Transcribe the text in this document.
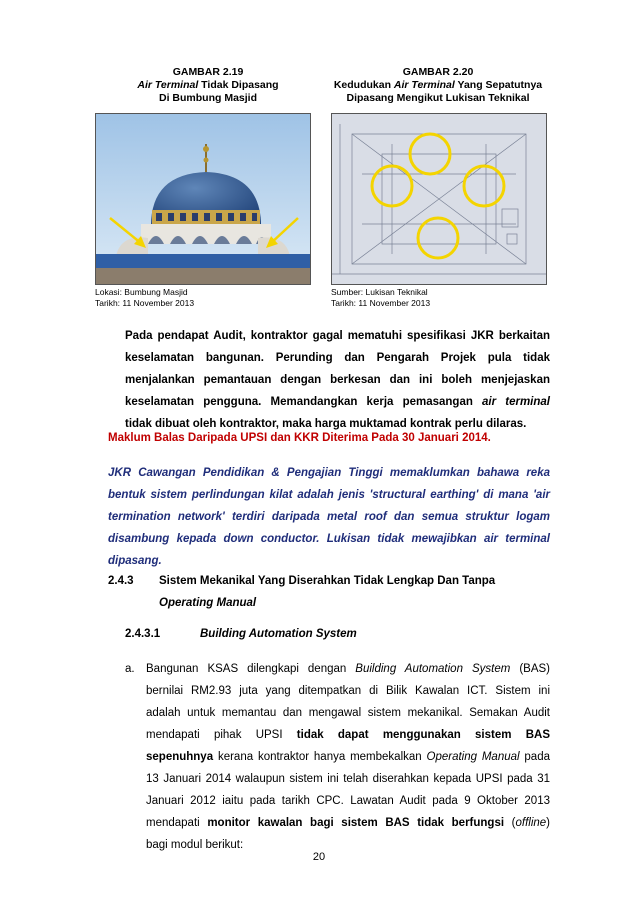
GAMBAR 2.19
Air Terminal Tidak Dipasang
Di Bumbung Masjid
GAMBAR 2.20
Kedudukan Air Terminal Yang Sepatutnya
Dipasang Mengikut Lukisan Teknikal
Lokasi: Bumbung Masjid
Tarikh: 11 November 2013
Sumber: Lukisan Teknikal
Tarikh: 11 November 2013
Pada pendapat Audit, kontraktor gagal mematuhi spesifikasi JKR berkaitan
keselamatan bangunan. Perunding dan Pengarah Projek pula tidak
menjalankan pemantauan dengan berkesan dan ini boleh menjejaskan
keselamatan pengguna. Memandangkan kerja pemasangan air terminal
tidak dibuat oleh kontraktor, maka harga muktamad kontrak perlu dilaras.
Maklum Balas Daripada UPSI dan KKR Diterima Pada 30 Januari 2014.
JKR Cawangan Pendidikan & Pengajian Tinggi memaklumkan bahawa reka
bentuk sistem perlindungan kilat adalah jenis 'structural earthing' di mana 'air
termination network' terdiri daripada metal roof dan semua struktur logam
disambung kepada down conductor. Lukisan tidak mewajibkan air terminal
dipasang.
2.4.3 Sistem Mekanikal Yang Diserahkan Tidak Lengkap Dan Tanpa
Operating Manual
2.4.3.1	Building Automation System
a. Bangunan KSAS dilengkapi dengan Building Automation System (BAS)
bernilai RM2.93 juta yang ditempatkan di Bilik Kawalan ICT. Sistem ini
adalah untuk memantau dan mengawal sistem mekanikal. Semakan Audit
mendapati pihak UPSI tidak dapat menggunakan sistem BAS
sepenuhnya kerana kontraktor hanya membekalkan Operating Manual pada
13 Januari 2014 walaupun sistem ini telah diserahkan kepada UPSI pada 31
Januari 2012 iaitu pada tarikh CPC. Lawatan Audit pada 9 Oktober 2013
mendapati monitor kawalan bagi sistem BAS tidak berfungsi (offline)
bagi modul berikut:
20
